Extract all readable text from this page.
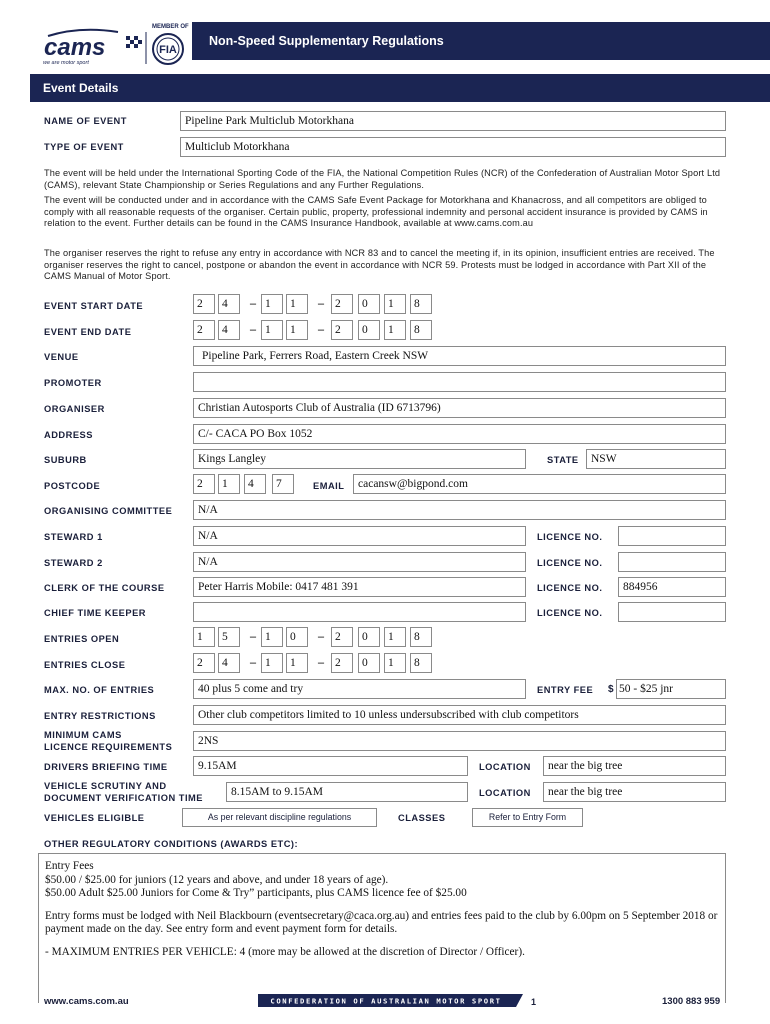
MEMBER OF
cams
we are motor sport
FIA
Non-Speed Supplementary Regulations
Event Details
NAME OF EVENT	Pipeline Park Multiclub Motorkhana
TYPE OF EVENT	Multiclub Motorkhana
The event will be held under the International Sporting Code of the FIA, the National Competition Rules (NCR) of the Confederation of Australian Motor Sport Ltd (CAMS), relevant State Championship or Series Regulations and any Further Regulations.
The event will be conducted under and in accordance with the CAMS Safe Event Package for Motorkhana and Khanacross, and all competitors are obliged to comply with all reasonable requests of the organiser. Certain public, property, professional indemnity and personal accident insurance is provided by CAMS in relation to the event. Further details can be found in the CAMS Insurance Handbook, available at www.cams.com.au
The organiser reserves the right to refuse any entry in accordance with NCR 83 and to cancel the meeting if, in its opinion, insufficient entries are received. The organiser reserves the right to cancel, postpone or abandon the event in accordance with NCR 59. Protests must be lodged in accordance with Part XII of the CAMS Manual of Motor Sport.
EVENT START DATE	2	4	– 1	1	– 2	0	1	8
EVENT END DATE	2	4	– 1	1	– 2	0	1	8
VENUE	Pipeline Park, Ferrers Road, Eastern Creek NSW
PROMOTER
ORGANISER	Christian Autosports Club of Australia (ID 6713796)
ADDRESS	C/- CACA PO Box 1052
SUBURB	Kings Langley	STATE	NSW
POSTCODE	2	1	4	7	EMAIL	cacansw@bigpond.com
ORGANISING COMMITTEE	N/A
STEWARD 1	N/A	LICENCE NO.
STEWARD 2	N/A	LICENCE NO.
CLERK OF THE COURSE	Peter Harris Mobile: 0417 481 391	LICENCE NO.	884956
CHIEF TIME KEEPER	LICENCE NO.
ENTRIES OPEN	1	5	– 1	0	– 2	0	1	8
ENTRIES CLOSE	2	4	– 1	1	– 2	0	1	8
MAX. NO. OF ENTRIES	40 plus 5 come and try	ENTRY FEE $ 50 - $25 jnr
ENTRY RESTRICTIONS	Other club competitors limited to 10 unless undersubscribed with club competitors
MINIMUM CAMS
LICENCE REQUIREMENTS	2NS
DRIVERS BRIEFING TIME	9.15AM	LOCATION	near the big tree
VEHICLE SCRUTINY AND
DOCUMENT VERIFICATION TIME	8.15AM to 9.15AM	LOCATION	near the big tree
VEHICLES ELIGIBLE	As per relevant discipline regulations	CLASSES	Refer to Entry Form
OTHER REGULATORY CONDITIONS (AWARDS ETC):

Entry Fees
$50.00 / $25.00 for juniors (12 years and above, and under 18 years of age).
$50.00 Adult $25.00 Juniors for Come & Try” participants, plus CAMS licence fee of $25.00

Entry forms must be lodged with Neil Blackbourn (eventsecretary@caca.org.au) and entries fees paid to the club by 6.00pm on 5 September 2018 or payment made on the day. See entry form and event payment form for details.

- MAXIMUM ENTRIES PER VEHICLE: 4 (more may be allowed at the discretion of Director / Officer).

www.cams.com.au	CONFEDERATION OF AUSTRALIAN MOTOR SPORT	1	1300 883 959
